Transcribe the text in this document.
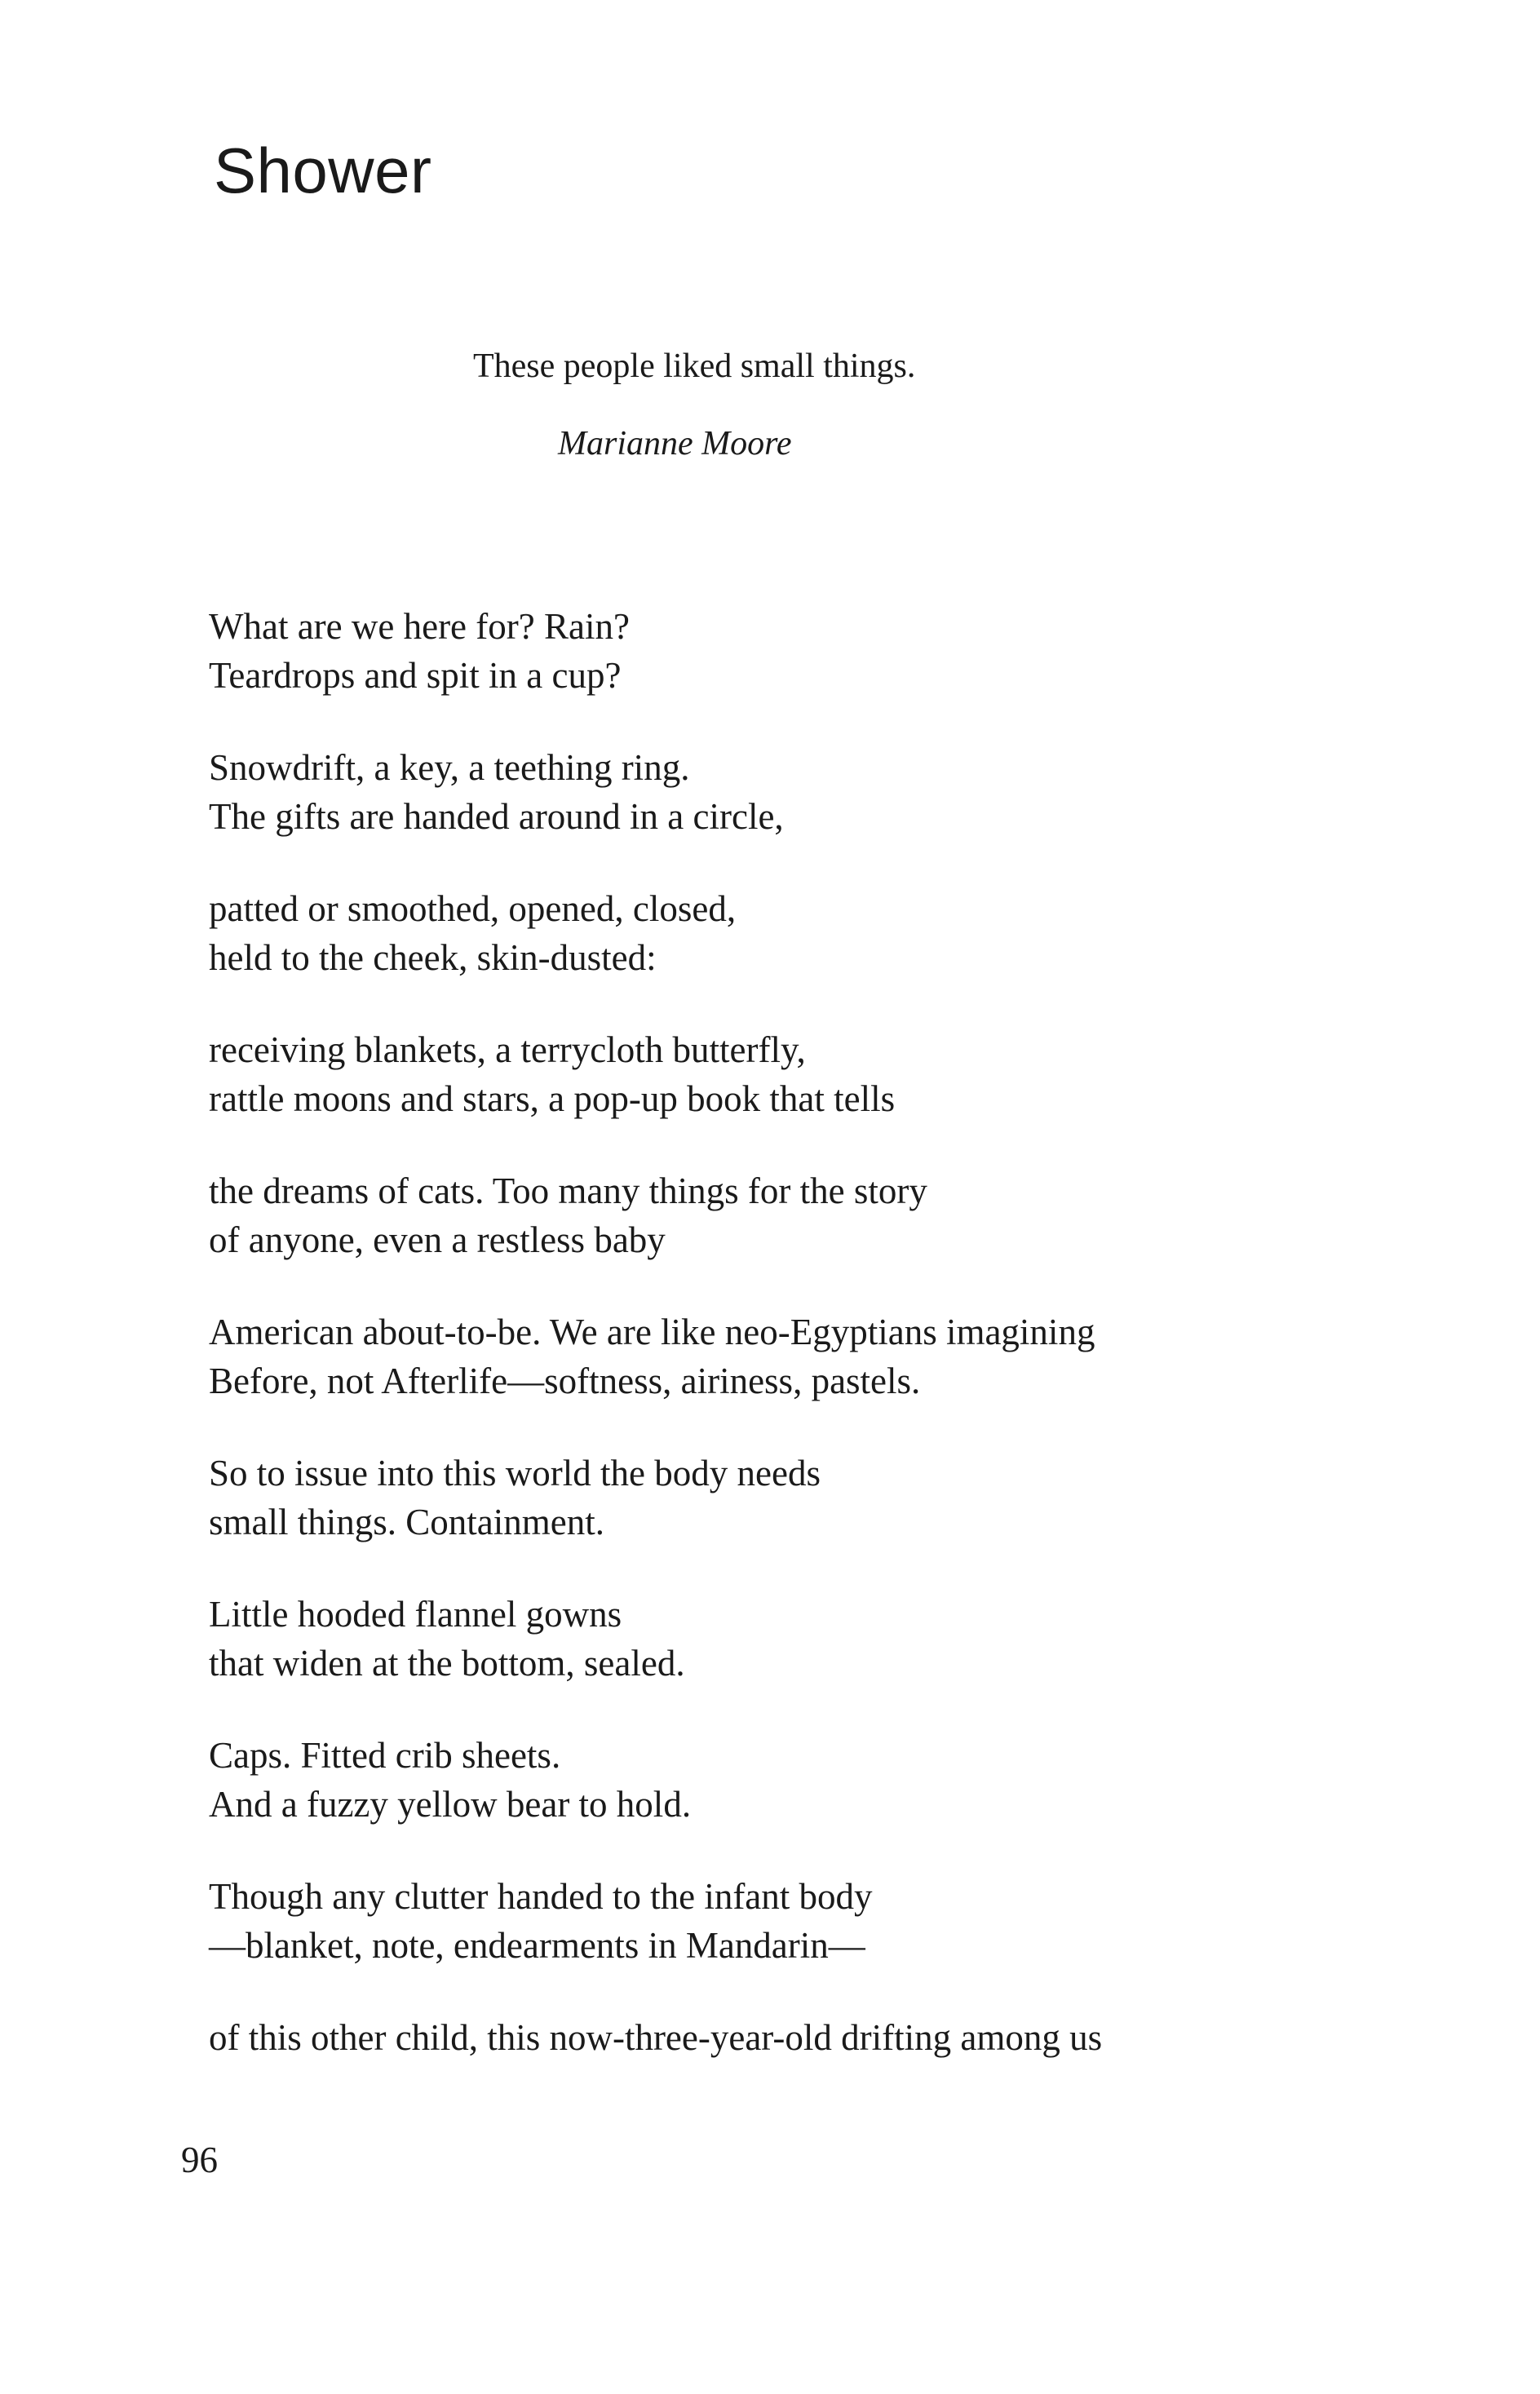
Shower
These people liked small things.
Marianne Moore
What are we here for? Rain?
Teardrops and spit in a cup?
Snowdrift, a key, a teething ring.
The gifts are handed around in a circle,
patted or smoothed, opened, closed,
held to the cheek, skin-dusted:
receiving blankets, a terrycloth butterfly,
rattle moons and stars, a pop-up book that tells
the dreams of cats. Too many things for the story
of anyone, even a restless baby
American about-to-be. We are like neo-Egyptians imagining
Before, not Afterlife—softness, airiness, pastels.
So to issue into this world the body needs
small things. Containment.
Little hooded flannel gowns
that widen at the bottom, sealed.
Caps. Fitted crib sheets.
And a fuzzy yellow bear to hold.
Though any clutter handed to the infant body
—blanket, note, endearments in Mandarin—
of this other child, this now-three-year-old drifting among us
96
